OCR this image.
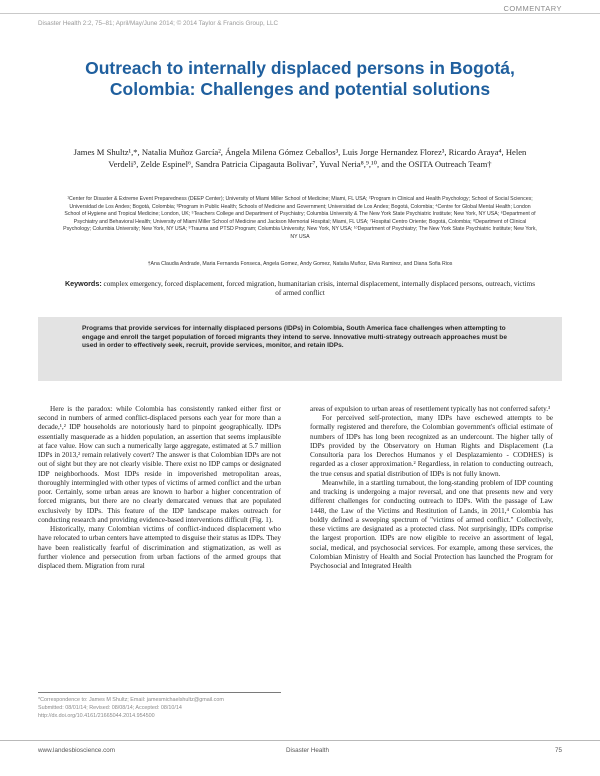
COMMENTARY
Disaster Health 2:2, 75–81; April/May/June 2014; © 2014 Taylor & Francis Group, LLC
Outreach to internally displaced persons in Bogotá, Colombia: Challenges and potential solutions
James M Shultz¹,*, Natalia Muñoz García², Ángela Milena Gómez Ceballos³, Luis Jorge Hernandez Florez³, Ricardo Araya⁴, Helen Verdeli⁵, Zelde Espinel⁶, Sandra Patricia Cipagauta Bolivar⁷, Yuval Neria⁸,⁹,¹⁰, and the OSITA Outreach Team†
¹Center for Disaster & Extreme Event Preparedness (DEEP Center); University of Miami Miller School of Medicine; Miami, FL USA; ²Program in Clinical and Health Psychology; School of Social Sciences; Universidad de Los Andes; Bogotá, Colombia; ³Program in Public Health; Schools of Medicine and Government; Universidad de Los Andes; Bogotá, Colombia; ⁴Centre for Global Mental Health; London School of Hygiene and Tropical Medicine; London, UK; ⁵Teachers College and Department of Psychiatry; Columbia University & The New York State Psychiatric Institute; New York, NY USA; ⁶Department of Psychiatry and Behavioral Health; University of Miami Miller School of Medicine and Jackson Memorial Hospital; Miami, FL USA; ⁷Hospital Centro Oriente; Bogotá, Colombia; ⁸Department of Clinical Psychology; Columbia University; New York, NY USA; ⁹Trauma and PTSD Program; Columbia University; New York, NY USA; ¹⁰Department of Psychiatry; The New York State Psychiatric Institute; New York, NY USA
†Ana Claudia Andrade, Maria Fernanda Fonseca, Angela Gomez, Andy Gomez, Natalia Muñoz, Elvia Ramirez, and Diana Sofia Rios
Keywords: complex emergency, forced displacement, forced migration, humanitarian crisis, internal displacement, internally displaced persons, outreach, victims of armed conflict
Programs that provide services for internally displaced persons (IDPs) in Colombia, South America face challenges when attempting to engage and enroll the target population of forced migrants they intend to serve. Innovative multi-strategy outreach approaches must be used in order to effectively seek, recruit, provide services, monitor, and retain IDPs.

Here is the paradox: while Colombia has consistently ranked either first or second in numbers of armed conflict-displaced persons each year for more than a decade,¹,² IDP households are notoriously hard to pinpoint geographically. IDPs essentially masquerade as a hidden population, an assertion that seems implausible at face value. How can such a numerically large aggregate, estimated at 5.7 million IDPs in 2013,² remain relatively covert? The answer is that Colombian IDPs are not out of sight but they are not clearly visible. There exist no IDP camps or designated IDP neighborhoods. Most IDPs reside in impoverished metropolitan areas, thoroughly intermingled with other types of victims of armed conflict and the urban poor. Certainly, some urban areas are known to harbor a higher concentration of forced migrants, but there are no clearly demarcated venues that are populated exclusively by IDPs. This feature of the IDP landscape makes outreach for conducting research and providing evidence-based interventions difficult (Fig. 1).

Historically, many Colombian victims of conflict-induced displacement who have relocated to urban centers have attempted to disguise their status as IDPs. They have been realistically fearful of discrimination and stigmatization, as well as further violence and persecution from urban factions of the armed groups that displaced them. Migration from rural

areas of expulsion to urban areas of resettlement typically has not conferred safety.³

For perceived self-protection, many IDPs have eschewed attempts to be formally registered and therefore, the Colombian government's official estimate of numbers of IDPs has long been recognized as an undercount. The higher tally of IDPs provided by the Observatory on Human Rights and Displacement (La Consultoría para los Derechos Humanos y el Desplazamiento - CODHES) is regarded as a closer approximation.² Regardless, in relation to conducting outreach, the true census and spatial distribution of IDPs is not fully known.

Meanwhile, in a startling turnabout, the long-standing problem of IDP counting and tracking is undergoing a major reversal, and one that presents new and very different challenges for conducting outreach to IDPs. With the passage of Law 1448, the Law of the Victims and Restitution of Lands, in 2011,⁴ Colombia has boldly defined a sweeping spectrum of "victims of armed conflict." Collectively, these victims are designated as a protected class. Not surprisingly, IDPs comprise the largest proportion. IDPs are now eligible to receive an assortment of legal, social, medical, and psychosocial services. For example, among these services, the Colombian Ministry of Health and Social Protection has launched the Program for Psychosocial and Integrated Health

*Correspondence to: James M Shultz; Email: jamesmichaelshultz@gmail.com
Submitted: 08/01/14; Revised: 08/08/14; Accepted: 08/10/14
http://dx.doi.org/10.4161/21665044.2014.954500
www.landesbioscience.com	Disaster Health	75
